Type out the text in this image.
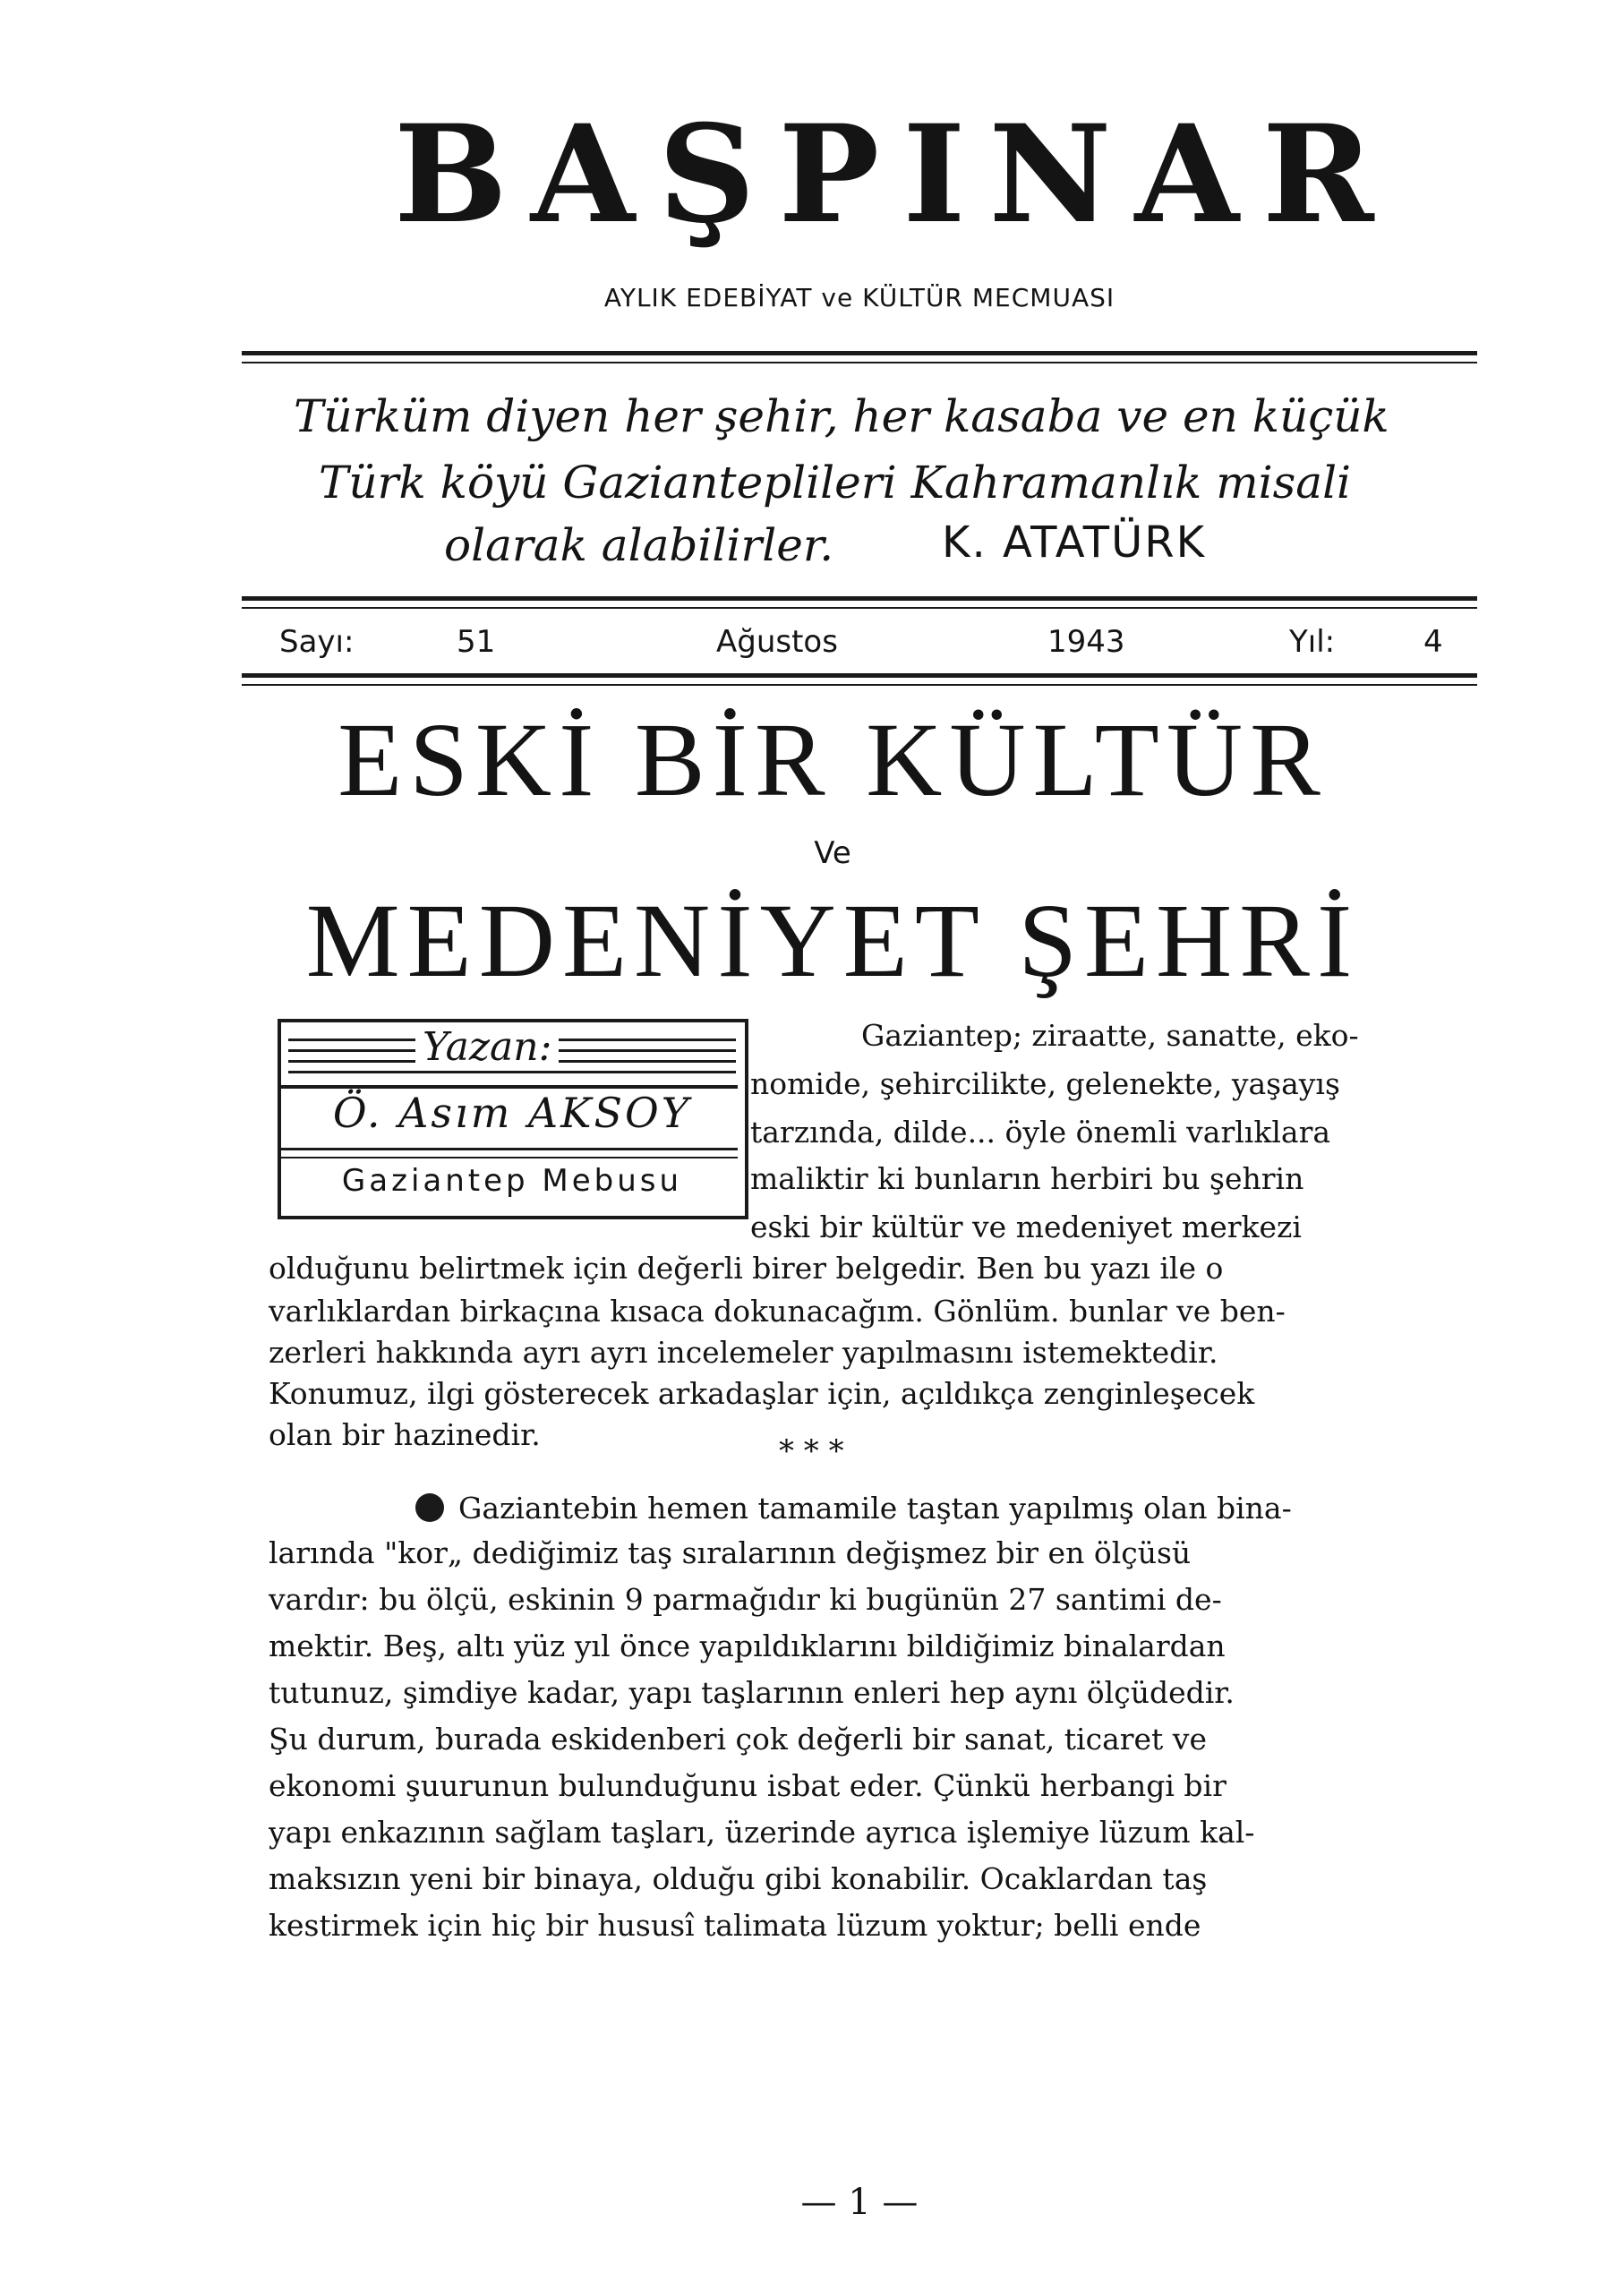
BAŞPINAR
AYLIK EDEBİYAT ve KÜLTÜR MECMUASI
Türküm diyen her şehir, her kasaba ve en küçük
Türk köyü Gazianteplileri Kahramanlık misali
olarak alabilirler.	K. ATATÜRK
Sayı:	51	Ağustos	1943	Yıl:	4
ESKİ BİR KÜLTÜR
Ve
MEDENİYET ŞEHRİ
Yazan:
Ö. Asım AKSOY
Gaziantep Mebusu
Gaziantep; ziraatte, sanatte, eko-
nomide, şehircilikte, gelenekte, yaşayış
tarzında, dilde... öyle önemli varlıklara
maliktir ki bunların herbiri bu şehrin
eski bir kültür ve medeniyet merkezi
olduğunu belirtmek için değerli birer belgedir. Ben bu yazı ile o
varlıklardan birkaçına kısaca dokunacağım. Gönlüm. bunlar ve ben-
zerleri hakkında ayrı ayrı incelemeler yapılmasını istemektedir.
Konumuz, ilgi gösterecek arkadaşlar için, açıldıkça zenginleşecek
olan bir hazinedir.	* * *
Gaziantebin hemen tamamile taştan yapılmış olan bina-
larında "kor„ dediğimiz taş sıralarının değişmez bir en ölçüsü
vardır: bu ölçü, eskinin 9 parmağıdır ki bugünün 27 santimi de-
mektir. Beş, altı yüz yıl önce yapıldıklarını bildiğimiz binalardan
tutunuz, şimdiye kadar, yapı taşlarının enleri hep aynı ölçüdedir.
Şu durum, burada eskidenberi çok değerli bir sanat, ticaret ve
ekonomi şuurunun bulunduğunu isbat eder. Çünkü herbangi bir
yapı enkazının sağlam taşları, üzerinde ayrıca işlemiye lüzum kal-
maksızın yeni bir binaya, olduğu gibi konabilir. Ocaklardan taş
kestirmek için hiç bir hususî talimata lüzum yoktur; belli ende
— 1 —
